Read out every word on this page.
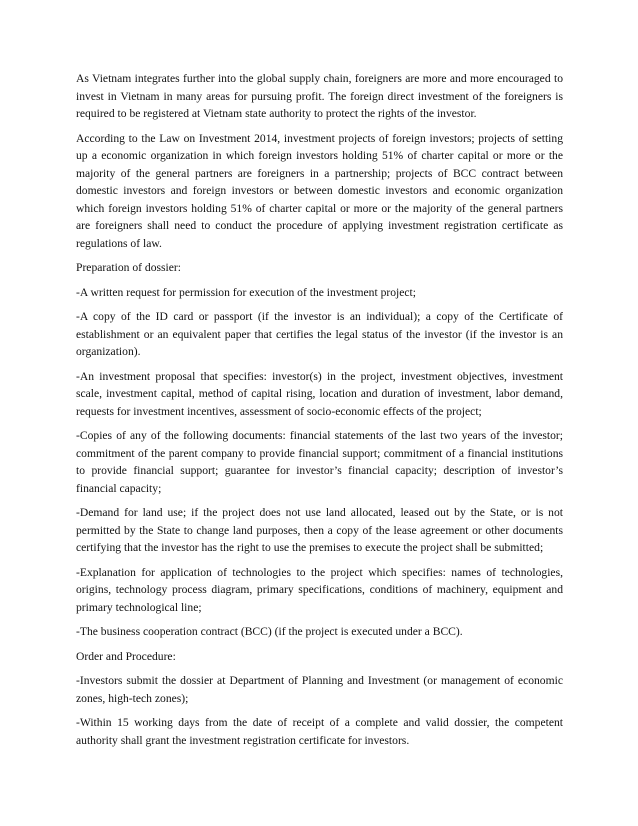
As Vietnam integrates further into the global supply chain, foreigners are more and more encouraged to invest in Vietnam in many areas for pursuing profit. The foreign direct investment of the foreigners is required to be registered at Vietnam state authority to protect the rights of the investor.

According to the Law on Investment 2014, investment projects of foreign investors; projects of setting up a economic organization in which foreign investors holding 51% of charter capital or more or the majority of the general partners are foreigners in a partnership; projects of BCC contract between domestic investors and foreign investors or between domestic investors and economic organization which foreign investors holding 51% of charter capital or more or the majority of the general partners are foreigners shall need to conduct the procedure of applying investment registration certificate as regulations of law.

Preparation of dossier:

-A written request for permission for execution of the investment project;

-A copy of the ID card or passport (if the investor is an individual); a copy of the Certificate of establishment or an equivalent paper that certifies the legal status of the investor (if the investor is an organization).

-An investment proposal that specifies: investor(s) in the project, investment objectives, investment scale, investment capital, method of capital rising, location and duration of investment, labor demand, requests for investment incentives, assessment of socio-economic effects of the project;

-Copies of any of the following documents: financial statements of the last two years of the investor; commitment of the parent company to provide financial support; commitment of a financial institutions to provide financial support; guarantee for investor’s financial capacity; description of investor’s financial capacity;

-Demand for land use; if the project does not use land allocated, leased out by the State, or is not permitted by the State to change land purposes, then a copy of the lease agreement or other documents certifying that the investor has the right to use the premises to execute the project shall be submitted;

-Explanation for application of technologies to the project which specifies: names of technologies, origins, technology process diagram, primary specifications, conditions of machinery, equipment and primary technological line;

-The business cooperation contract (BCC) (if the project is executed under a BCC).

Order and Procedure:

-Investors submit the dossier at Department of Planning and Investment (or management of economic zones, high-tech zones);

-Within 15 working days from the date of receipt of a complete and valid dossier, the competent authority shall grant the investment registration certificate for investors.
